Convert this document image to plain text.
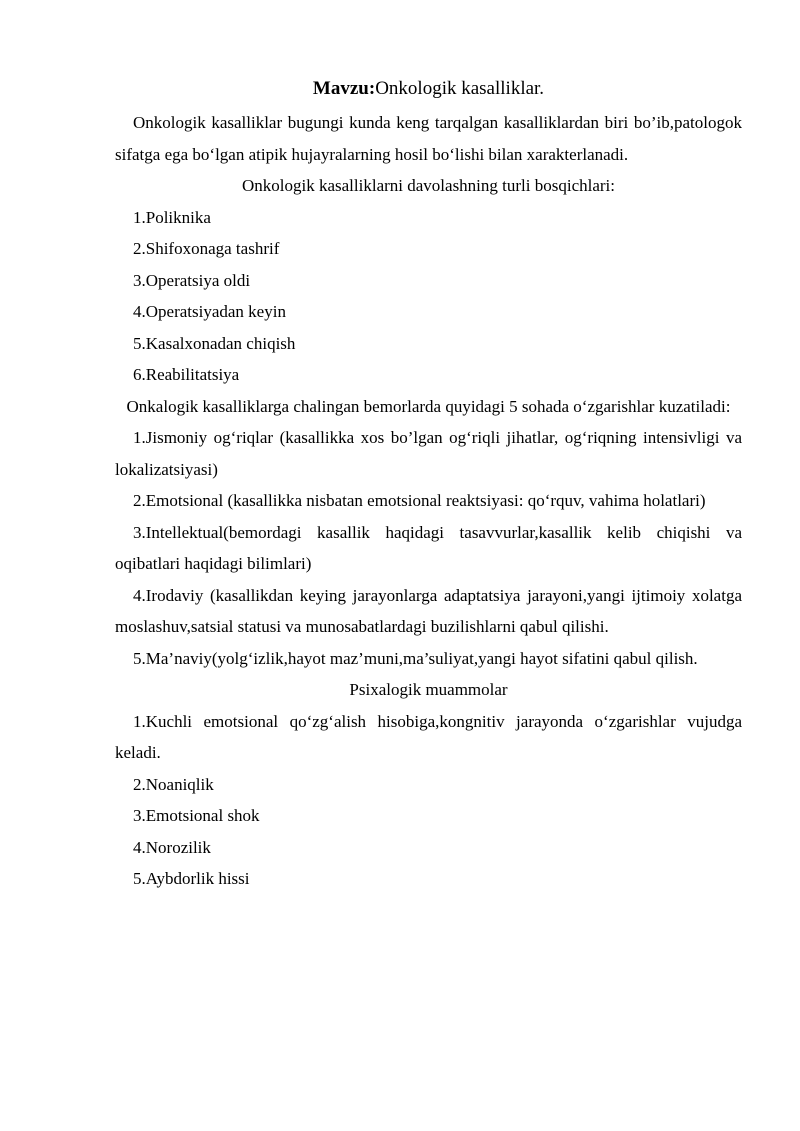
Mavzu:Onkologik kasalliklar.

Onkologik kasalliklar bugungi kunda keng tarqalgan kasalliklardan biri bo’ib,patologok sifatga ega bo‘lgan atipik hujayralarning hosil bo‘lishi bilan xarakterlanadi.

Onkologik kasalliklarni davolashning turli bosqichlari:

1.Poliknika

2.Shifoxonaga tashrif

3.Operatsiya oldi

4.Operatsiyadan keyin

5.Kasalxonadan chiqish

6.Reabilitatsiya

Onkalogik kasalliklarga chalingan bemorlarda quyidagi 5 sohada o‘zgarishlar kuzatiladi:

1.Jismoniy og‘riqlar (kasallikka xos bo’lgan og‘riqli jihatlar, og‘riqning intensivligi va lokalizatsiyasi)

2.Emotsional (kasallikka nisbatan emotsional reaktsiyasi: qo‘rquv, vahima holatlari)

3.Intellektual(bemordagi kasallik haqidagi tasavvurlar,kasallik kelib chiqishi va oqibatlari haqidagi bilimlari)

4.Irodaviy (kasallikdan keying jarayonlarga adaptatsiya jarayoni,yangi ijtimoiy xolatga moslashuv,satsial statusi va munosabatlardagi buzilishlarni qabul qilishi.

5.Ma’naviy(yolg‘izlik,hayot maz’muni,ma’suliyat,yangi hayot sifatini qabul qilish.

Psixalogik muammolar

1.Kuchli emotsional qo‘zg‘alish hisobiga,kongnitiv jarayonda o‘zgarishlar vujudga keladi.

2.Noaniqlik

3.Emotsional shok

4.Norozilik

5.Aybdorlik hissi
